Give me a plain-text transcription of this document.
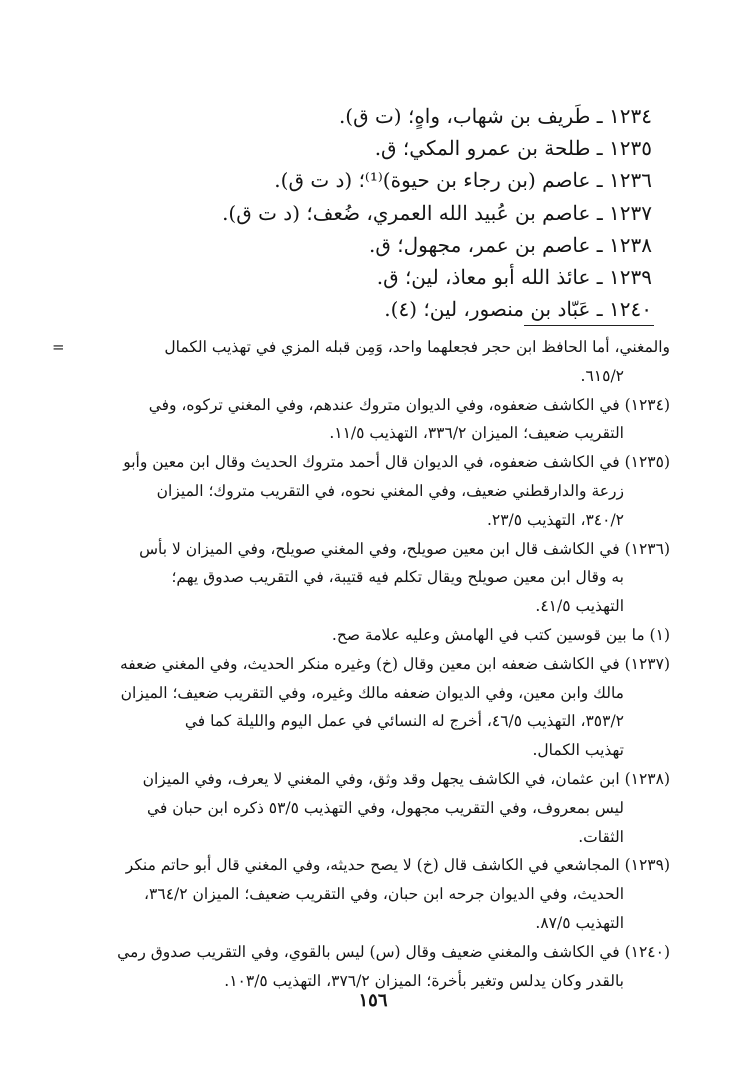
١٢٣٤ ـ طَريف بن شهاب، واهٍ؛ (ت ق).
١٢٣٥ ـ طلحة بن عمرو المكي؛ ق.
١٢٣٦ ـ عاصم (بن رجاء بن حيوة)⁽¹⁾؛ (د ت ق).
١٢٣٧ ـ عاصم بن عُبيد الله العمري، ضُعف؛ (د ت ق).
١٢٣٨ ـ عاصم بن عمر، مجهول؛ ق.
١٢٣٩ ـ عائذ الله أبو معاذ، لين؛ ق.
١٢٤٠ ـ عَبّاد بن منصور، لين؛ (٤).
=	والمغني، أما الحافظ ابن حجر فجعلهما واحد، وَمِن قبله المزي في تهذيب الكمال
٦١٥/٢.
(١٢٣٤) في الكاشف ضعفوه، وفي الديوان متروك عندهم، وفي المغني تركوه، وفي
التقريب ضعيف؛ الميزان ٣٣٦/٢، التهذيب ١١/٥.
(١٢٣٥) في الكاشف ضعفوه، في الديوان قال أحمد متروك الحديث وقال ابن معين وأبو
زرعة والدارقطني ضعيف، وفي المغني نحوه، في التقريب متروك؛ الميزان
٣٤٠/٢، التهذيب ٢٣/٥.
(١٢٣٦) في الكاشف قال ابن معين صويلح، وفي المغني صويلح، وفي الميزان لا بأس
به وقال ابن معين صويلح ويقال تكلم فيه قتيبة، في التقريب صدوق يهم؛
التهذيب ٤١/٥.
(١) ما بين قوسين كتب في الهامش وعليه علامة صح.
(١٢٣٧) في الكاشف ضعفه ابن معين وقال (خ) وغيره منكر الحديث، وفي المغني ضعفه
مالك وابن معين، وفي الديوان ضعفه مالك وغيره، وفي التقريب ضعيف؛ الميزان
٣٥٣/٢، التهذيب ٤٦/٥، أخرج له النسائي في عمل اليوم والليلة كما في
تهذيب الكمال.
(١٢٣٨) ابن عثمان، في الكاشف يجهل وقد وثق، وفي المغني لا يعرف، وفي الميزان
ليس بمعروف، وفي التقريب مجهول، وفي التهذيب ٥٣/٥ ذكره ابن حبان في
الثقات.
(١٢٣٩) المجاشعي في الكاشف قال (خ) لا يصح حديثه، وفي المغني قال أبو حاتم منكر
الحديث، وفي الديوان جرحه ابن حبان، وفي التقريب ضعيف؛ الميزان ٣٦٤/٢،
التهذيب ٨٧/٥.
(١٢٤٠) في الكاشف والمغني ضعيف وقال (س) ليس بالقوي، وفي التقريب صدوق رمي
بالقدر وكان يدلس وتغير بأخرة؛ الميزان ٣٧٦/٢، التهذيب ١٠٣/٥.
١٥٦
